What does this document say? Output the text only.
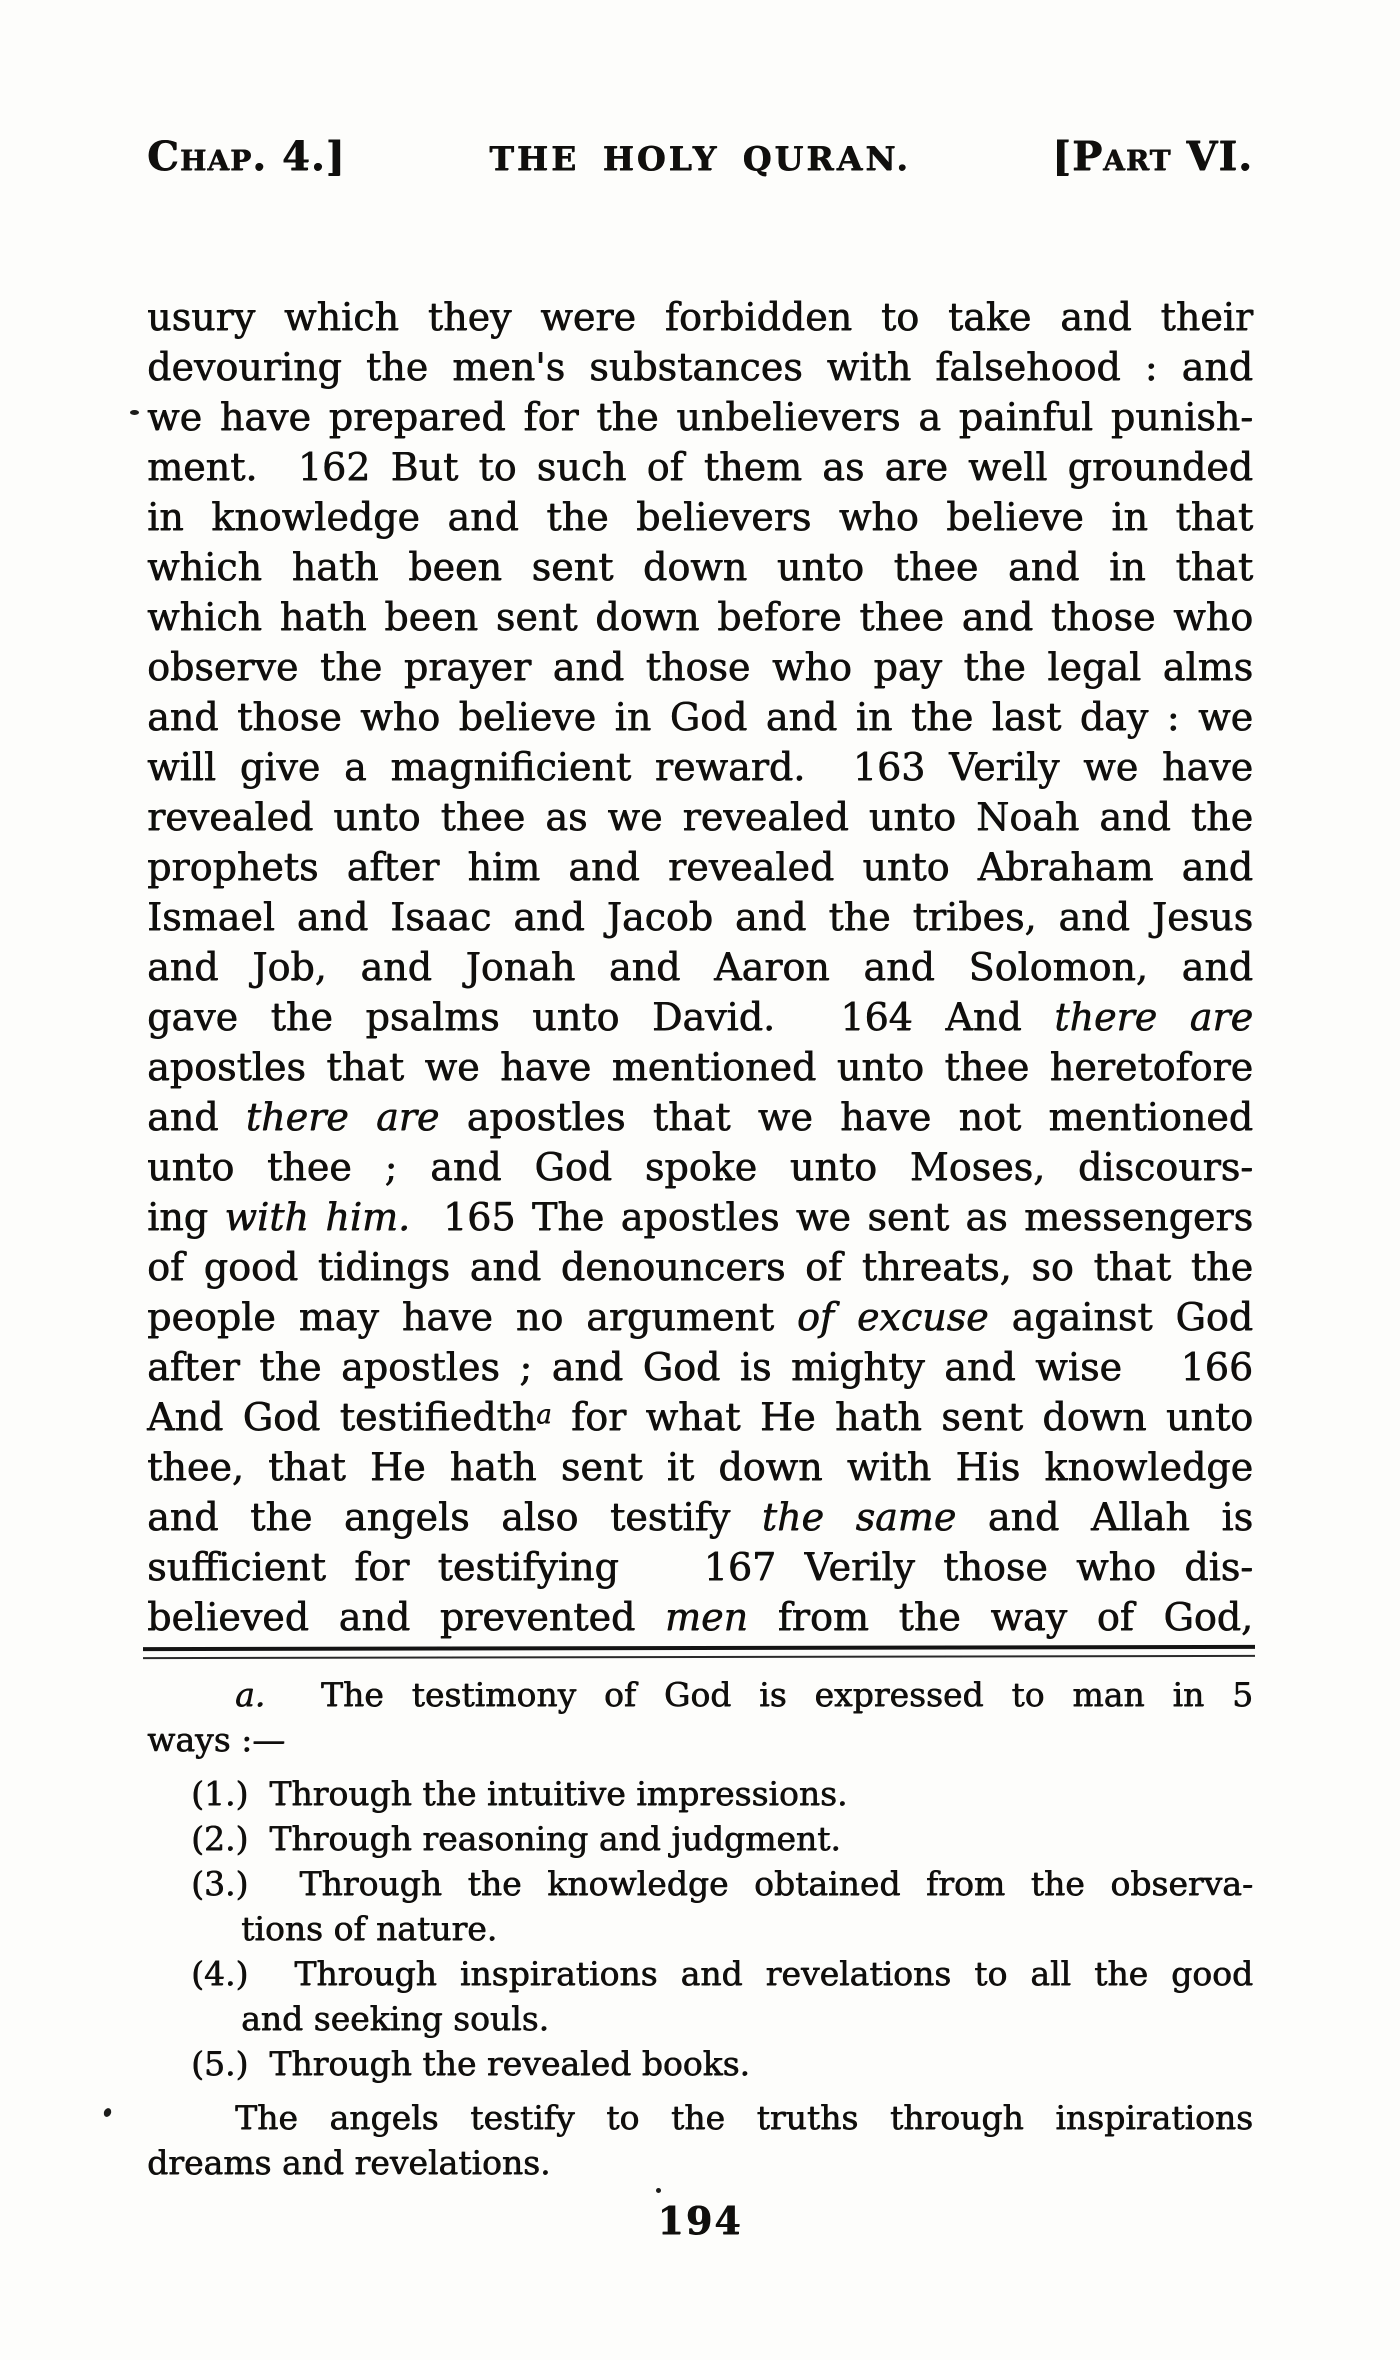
Chap. 4.]	THE HOLY QURAN.	[Part VI.
usury which they were forbidden to take and their
devouring the men's substances with falsehood : and
we have prepared for the unbelievers a painful punish-
ment.  162 But to such of them as are well grounded
in knowledge and the believers who believe in that
which hath been sent down unto thee and in that
which hath been sent down before thee and those who
observe the prayer and those who pay the legal alms
and those who believe in God and in the last day : we
will give a magnificient reward.  163 Verily we have
revealed unto thee as we revealed unto Noah and the
prophets after him and revealed unto Abraham and
Ismael and Isaac and Jacob and the tribes, and Jesus
and Job, and Jonah and Aaron and Solomon, and
gave the psalms unto David.  164 And there are
apostles that we have mentioned unto thee heretofore
and there are apostles that we have not mentioned
unto thee ; and God spoke unto Moses, discours-
ing with him.  165 The apostles we sent as messengers
of good tidings and denouncers of threats, so that the
people may have no argument of excuse against God
after the apostles ; and God is mighty and wise   166
And God testifiedth$^a$ for what He hath sent down unto
thee, that He hath sent it down with His knowledge
and the angels also testify the same and Allah is
sufficient for testifying   167 Verily those who dis-
believed and prevented men from the way of God,
a.  The testimony of God is expressed to man in 5
ways :—
(1.)  Through the intuitive impressions.
(2.)  Through reasoning and judgment.
(3.)  Through the knowledge obtained from the observa-
tions of nature.
(4.)  Through inspirations and revelations to all the good
and seeking souls.
(5.)  Through the revealed books.
The angels testify to the truths through inspirations
dreams and revelations.
194
